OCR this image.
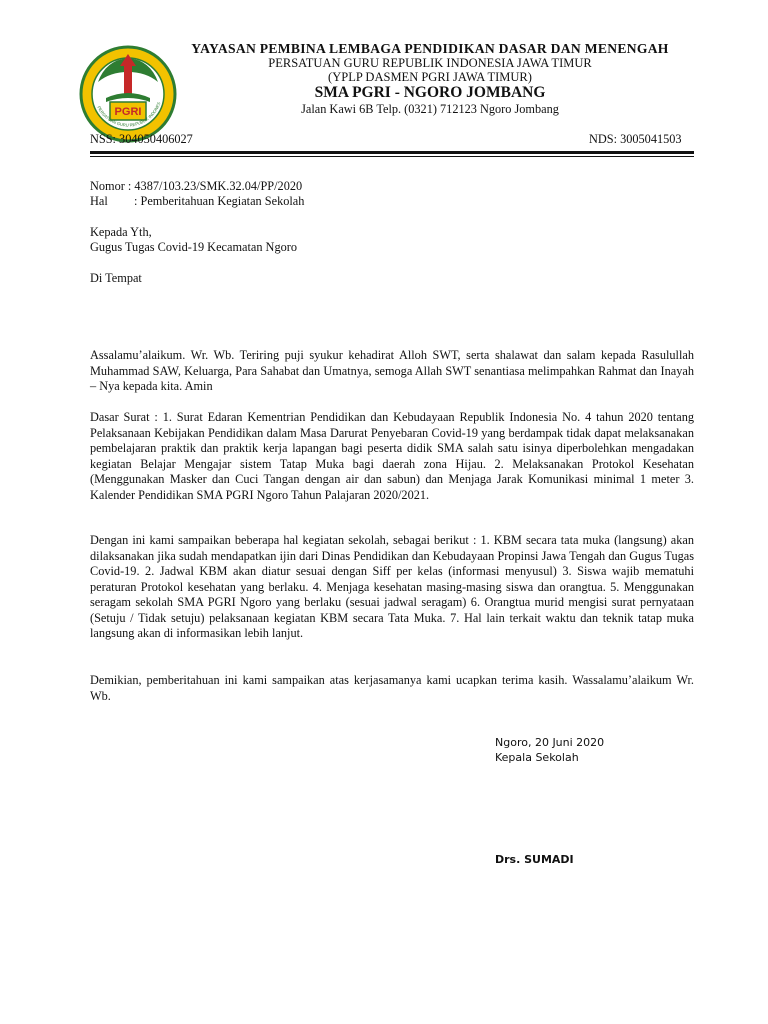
PGRI
PERSATUAN GURU REPUBLIK INDONES
YAYASAN PEMBINA LEMBAGA PENDIDIKAN DASAR DAN MENENGAH
PERSATUAN GURU REPUBLIK INDONESIA JAWA TIMUR
(YPLP DASMEN PGRI JAWA TIMUR)
SMA PGRI - NGORO JOMBANG
Jalan Kawi 6B Telp. (0321) 712123 Ngoro Jombang
NSS: 304050406027	NDS: 3005041503
Nomor : 4387/103.23/SMK.32.04/PP/2020
Hal : Pemberitahuan Kegiatan Sekolah
Kepada Yth,
Gugus Tugas Covid-19 Kecamatan Ngoro
Di Tempat

Assalamu’alaikum. Wr. Wb. Teriring puji syukur kehadirat Alloh SWT, serta shalawat dan salam kepada Rasulullah Muhammad SAW, Keluarga, Para Sahabat dan Umatnya, semoga Allah SWT senantiasa melimpahkan Rahmat dan Inayah – Nya kepada kita. Amin

Dasar Surat : 1. Surat Edaran Kementrian Pendidikan dan Kebudayaan Republik Indonesia No. 4 tahun 2020 tentang Pelaksanaan Kebijakan Pendidikan dalam Masa Darurat Penyebaran Covid-19 yang berdampak tidak dapat melaksanakan pembelajaran praktik dan praktik kerja lapangan bagi peserta didik SMA salah satu isinya diperbolehkan mengadakan kegiatan Belajar Mengajar sistem Tatap Muka bagi daerah zona Hijau. 2. Melaksanakan Protokol Kesehatan (Menggunakan Masker dan Cuci Tangan dengan air dan sabun) dan Menjaga Jarak Komunikasi minimal 1 meter 3. Kalender Pendidikan SMA PGRI Ngoro Tahun Palajaran 2020/2021.

Dengan ini kami sampaikan beberapa hal kegiatan sekolah, sebagai berikut : 1. KBM secara tata muka (langsung) akan dilaksanakan jika sudah mendapatkan ijin dari Dinas Pendidikan dan Kebudayaan Propinsi Jawa Tengah dan Gugus Tugas Covid-19. 2. Jadwal KBM akan diatur sesuai dengan Siff per kelas (informasi menyusul) 3. Siswa wajib mematuhi peraturan Protokol kesehatan yang berlaku. 4. Menjaga kesehatan masing-masing siswa dan orangtua. 5. Menggunakan seragam sekolah SMA PGRI Ngoro yang berlaku (sesuai jadwal seragam) 6. Orangtua murid mengisi surat pernyataan (Setuju / Tidak setuju) pelaksanaan kegiatan KBM secara Tata Muka. 7. Hal lain terkait waktu dan teknik tatap muka langsung akan di informasikan lebih lanjut.

Demikian, pemberitahuan ini kami sampaikan atas kerjasamanya kami ucapkan terima kasih. Wassalamu’alaikum Wr. Wb.

Ngoro, 20 Juni 2020
Kepala Sekolah
Drs. SUMADI
